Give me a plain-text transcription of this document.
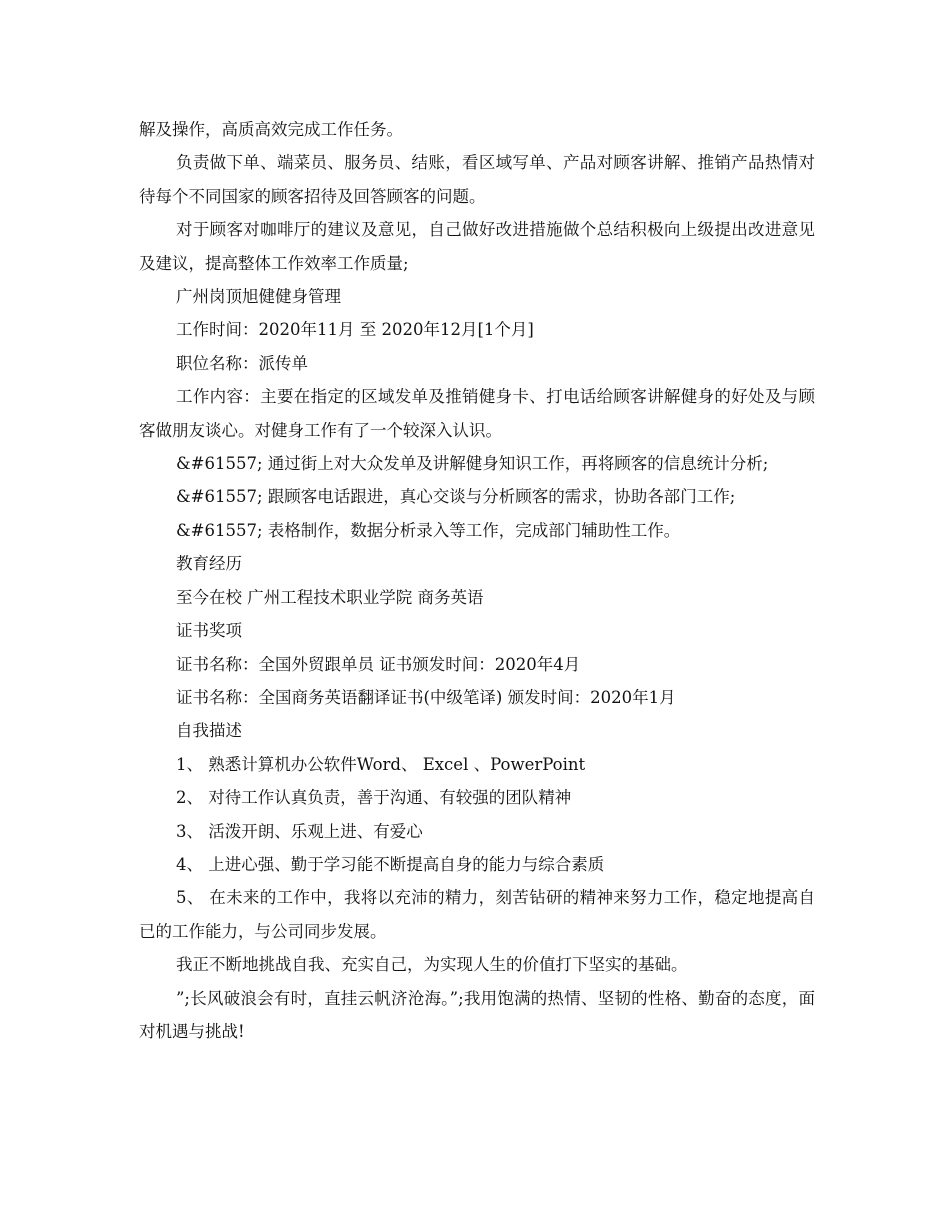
解及操作，高质高效完成工作任务。

负责做下单、端菜员、服务员、结账，看区域写单、产品对顾客讲解、推销产品热情对待每个不同国家的顾客招待及回答顾客的问题。

对于顾客对咖啡厅的建议及意见，自己做好改进措施做个总结积极向上级提出改进意见及建议，提高整体工作效率工作质量;

广州岗顶旭健健身管理

工作时间：2020年11月 至 2020年12月[1个月]

职位名称：派传单

工作内容：主要在指定的区域发单及推销健身卡、打电话给顾客讲解健身的好处及与顾客做朋友谈心。对健身工作有了一个较深入认识。

&#61557; 通过街上对大众发单及讲解健身知识工作，再将顾客的信息统计分析;

&#61557; 跟顾客电话跟进，真心交谈与分析顾客的需求，协助各部门工作;

&#61557; 表格制作，数据分析录入等工作，完成部门辅助性工作。

教育经历

至今在校 广州工程技术职业学院 商务英语

证书奖项

证书名称：全国外贸跟单员 证书颁发时间：2020年4月

证书名称：全国商务英语翻译证书(中级笔译) 颁发时间：2020年1月

自我描述

1、 熟悉计算机办公软件Word、 Excel 、PowerPoint

2、 对待工作认真负责，善于沟通、有较强的团队精神

3、 活泼开朗、乐观上进、有爱心

4、 上进心强、勤于学习能不断提高自身的能力与综合素质

5、 在未来的工作中，我将以充沛的精力，刻苦钻研的精神来努力工作，稳定地提高自已的工作能力，与公司同步发展。

我正不断地挑战自我、充实自己，为实现人生的价值打下坚实的基础。

”;长风破浪会有时，直挂云帆济沧海。”;我用饱满的热情、坚韧的性格、勤奋的态度，面对机遇与挑战!
